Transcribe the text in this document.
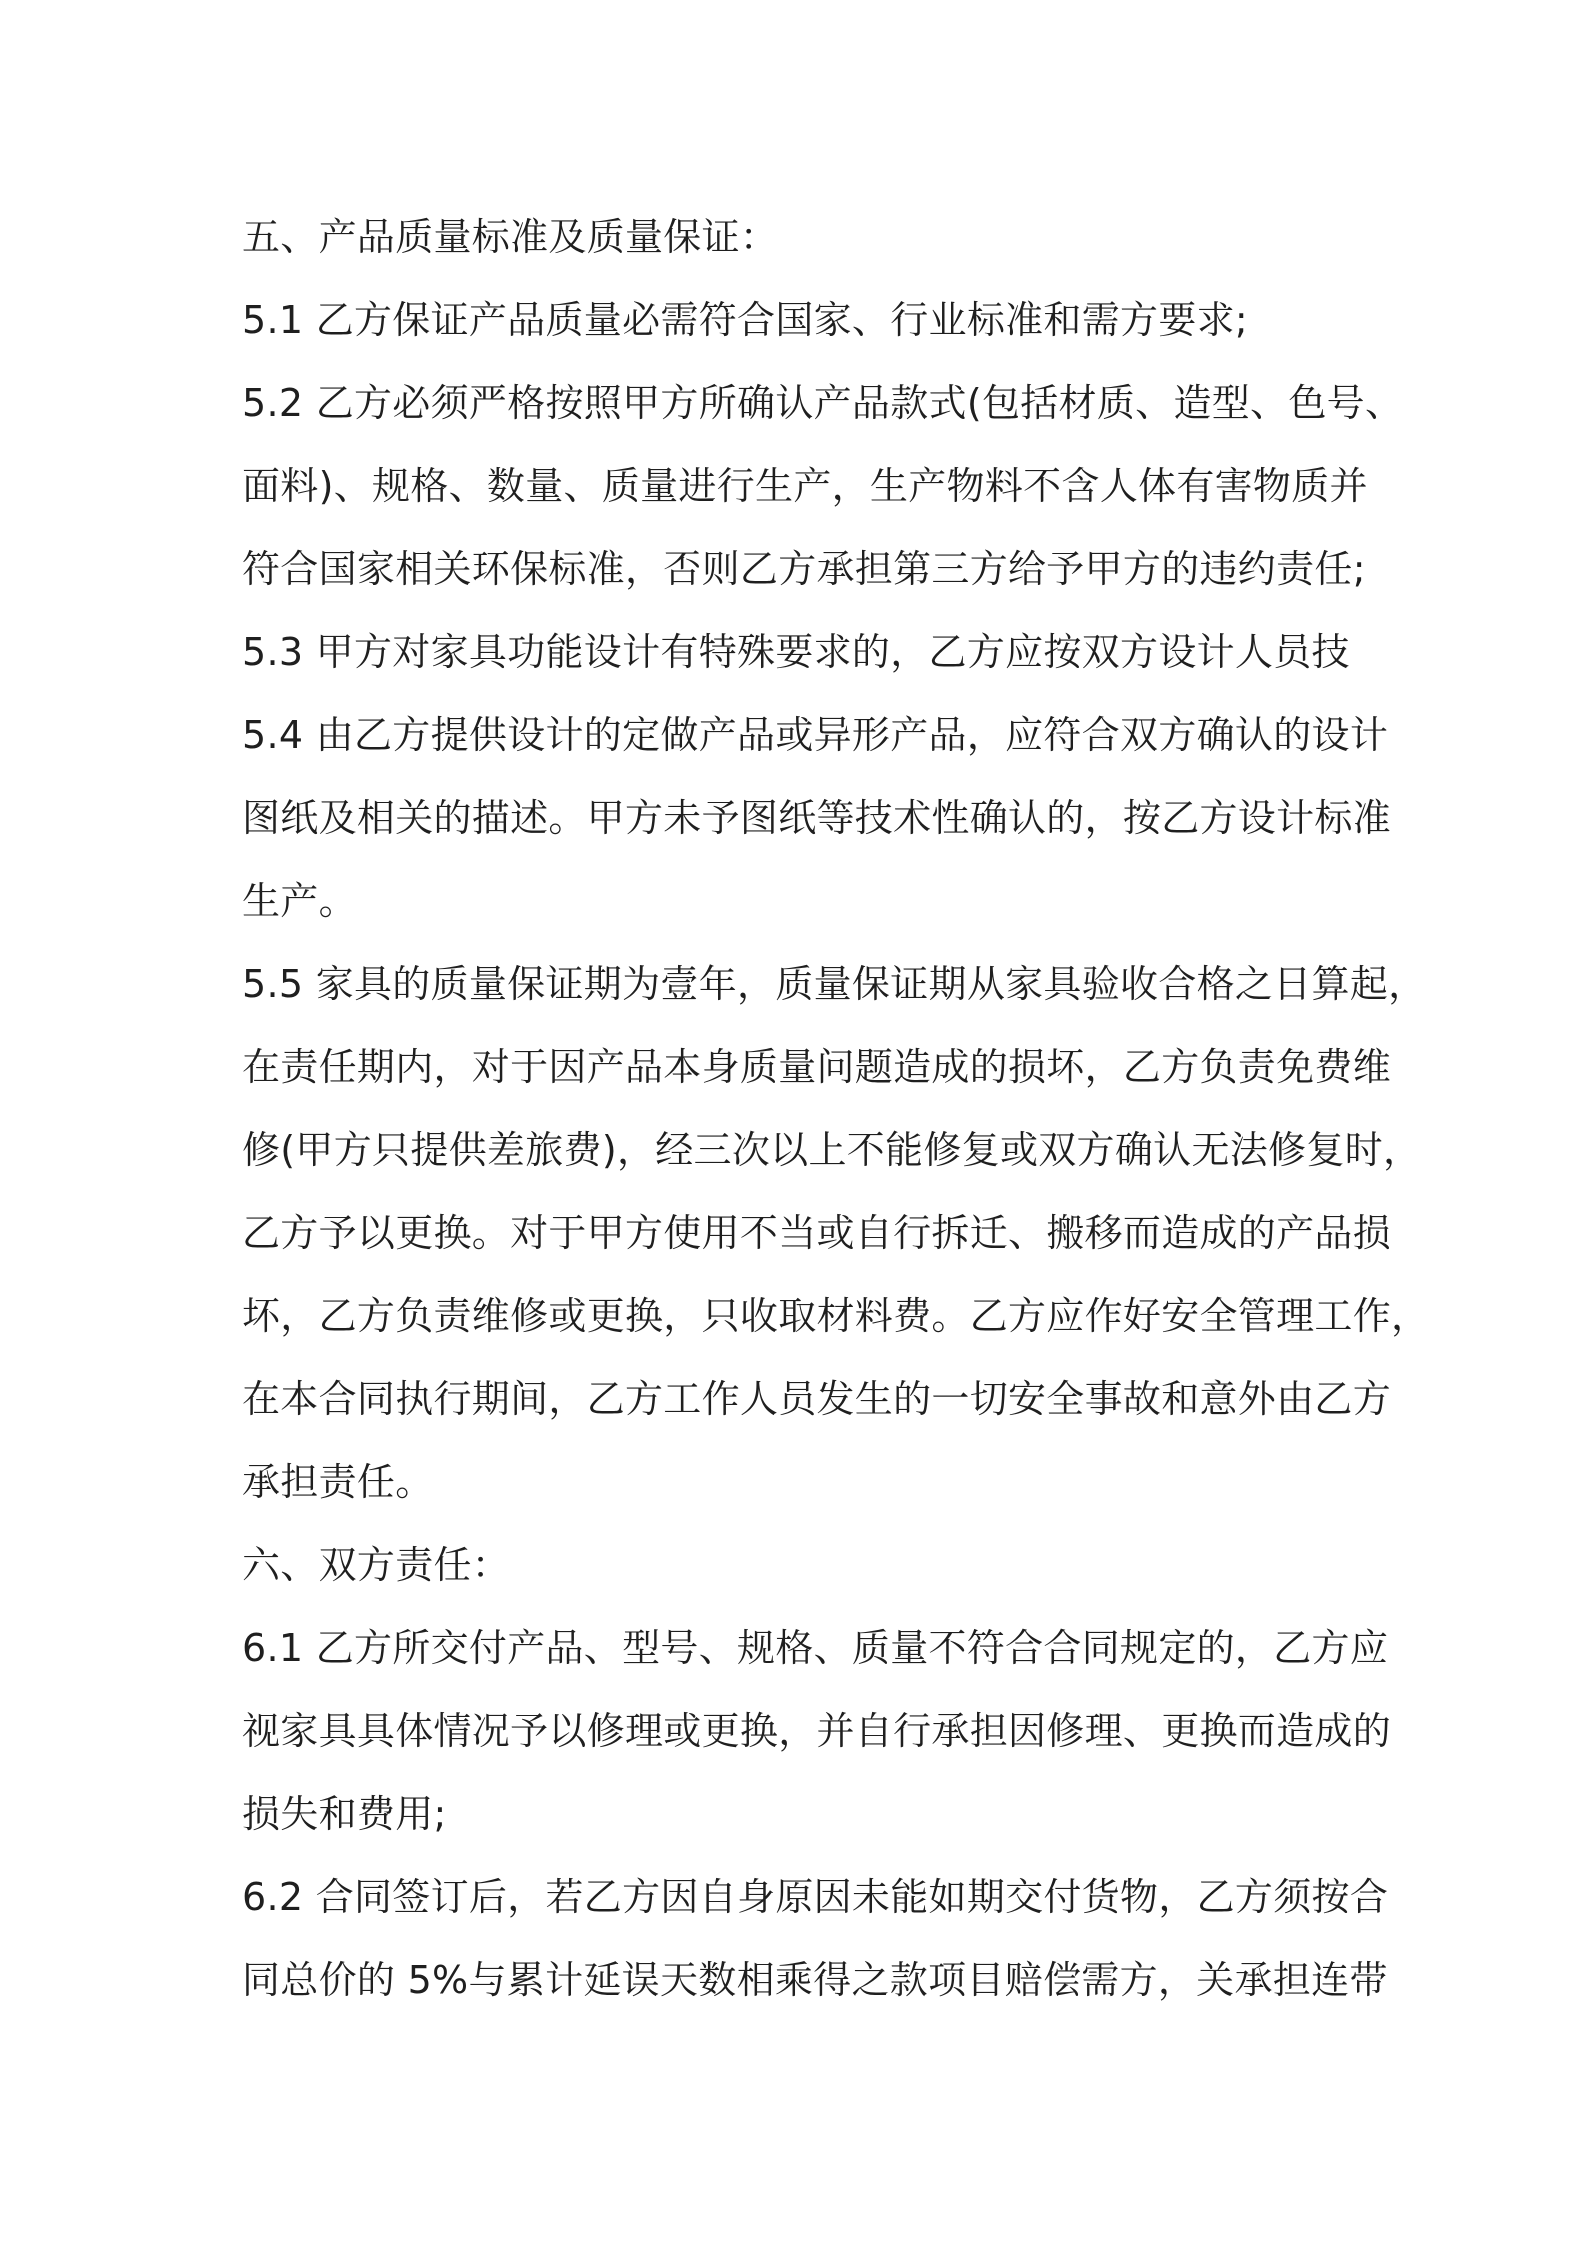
五、产品质量标准及质量保证：
5.1 乙方保证产品质量必需符合国家、行业标准和需方要求;
5.2 乙方必须严格按照甲方所确认产品款式(包括材质、造型、色号、
面料)、规格、数量、质量进行生产，生产物料不含人体有害物质并
符合国家相关环保标准，否则乙方承担第三方给予甲方的违约责任;
5.3 甲方对家具功能设计有特殊要求的，乙方应按双方设计人员技
5.4 由乙方提供设计的定做产品或异形产品，应符合双方确认的设计
图纸及相关的描述。甲方未予图纸等技术性确认的，按乙方设计标准
生产。
5.5 家具的质量保证期为壹年，质量保证期从家具验收合格之日算起，
在责任期内，对于因产品本身质量问题造成的损坏，乙方负责免费维
修(甲方只提供差旅费)，经三次以上不能修复或双方确认无法修复时，
乙方予以更换。对于甲方使用不当或自行拆迁、搬移而造成的产品损
坏，乙方负责维修或更换，只收取材料费。乙方应作好安全管理工作，
在本合同执行期间，乙方工作人员发生的一切安全事故和意外由乙方
承担责任。
六、双方责任：
6.1 乙方所交付产品、型号、规格、质量不符合合同规定的，乙方应
视家具具体情况予以修理或更换，并自行承担因修理、更换而造成的
损失和费用;
6.2 合同签订后，若乙方因自身原因未能如期交付货物，乙方须按合
同总价的 5%与累计延误天数相乘得之款项目赔偿需方，关承担连带
